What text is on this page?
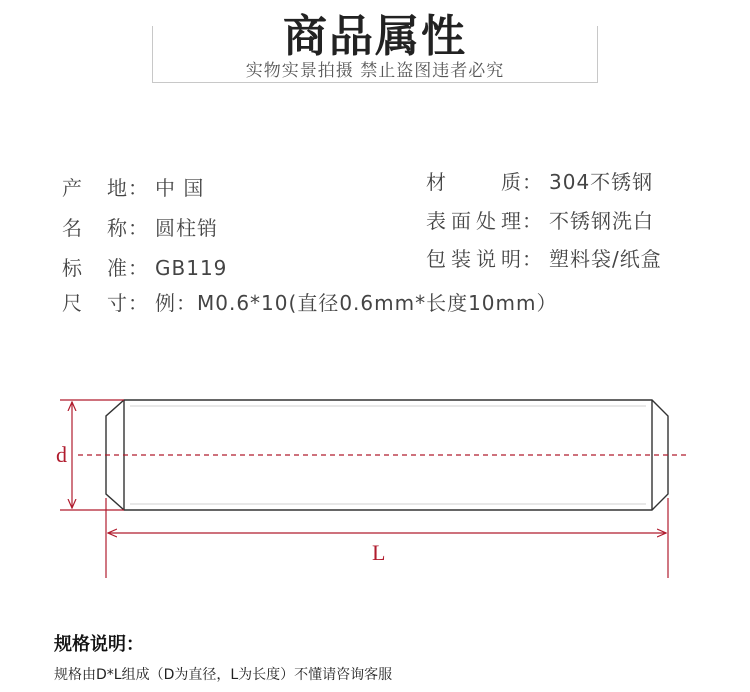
商品属性
实物实景拍摄 禁止盗图违者必究
产 地： 中 国
名 称： 圆柱销
标 准： GB119
尺 寸： 例：M0.6*10(直径0.6mm*长度10mm）
材 质： 304不锈钢
表面处理： 不锈钢洗白
包装说明： 塑料袋/纸盒
d
L
规格说明：
规格由D*L组成（D为直径，L为长度）不懂请咨询客服
